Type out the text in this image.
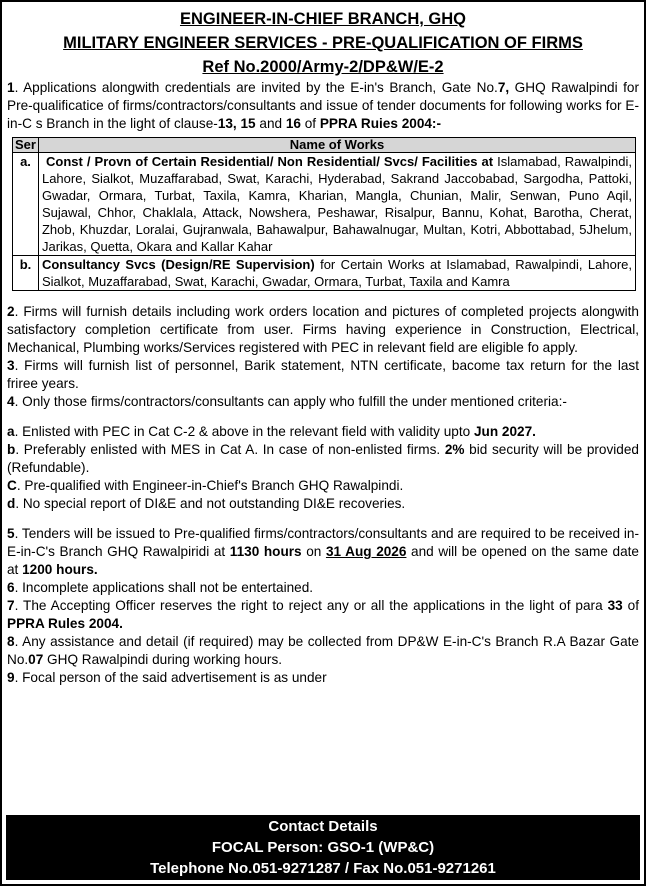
ENGINEER-IN-CHIEF BRANCH, GHQ
MILITARY ENGINEER SERVICES - PRE-QUALIFICATION OF FIRMS
Ref No.2000/Army-2/DP&W/E-2

1. Applications alongwith credentials are invited by the E-in's Branch, Gate No.7, GHQ Rawalpindi for Pre-qualificatice of firms/contractors/consultants and issue of tender documents for following works for E-in-C s Branch in the light of clause-13, 15 and 16 of PPRA Ruies 2004:-

Ser	Name of Works
a.	Const / Provn of Certain Residential/ Non Residential/ Svcs/ Facilities at Islamabad, Rawalpindi, Lahore, Sialkot, Muzaffarabad, Swat, Karachi, Hyderabad, Sakrand Jaccobabad, Sargodha, Pattoki, Gwadar, Ormara, Turbat, Taxila, Kamra, Kharian, Mangla, Chunian, Malir, Senwan, Puno Aqil, Sujawal, Chhor, Chaklala, Attack, Nowshera, Peshawar, Risalpur, Bannu, Kohat, Barotha, Cherat, Zhob, Khuzdar, Loralai, Gujranwala, Bahawalpur, Bahawalnugar, Multan, Kotri, Abbottabad, 5Jhelum, Jarikas, Quetta, Okara and Kallar Kahar
b.	Consultancy Svcs (Design/RE Supervision) for Certain Works at Islamabad, Rawalpindi, Lahore, Sialkot, Muzaffarabad, Swat, Karachi, Gwadar, Ormara, Turbat, Taxila and Kamra

2. Firms will furnish details including work orders location and pictures of completed projects alongwith satisfactory completion certificate from user. Firms having experience in Construction, Electrical, Mechanical, Plumbing works/Services registered with PEC in relevant field are eligible fo apply.

3. Firms will furnish list of personnel, Barik statement, NTN certificate, bacome tax return for the last friree years.

4. Only those firms/contractors/consultants can apply who fulfill the under mentioned criteria:-

a. Enlisted with PEC in Cat C-2 & above in the relevant field with validity upto Jun 2027.

b. Preferably enlisted with MES in Cat A. In case of non-enlisted firms. 2% bid security will be provided (Refundable).

C. Pre-qualified with Engineer-in-Chief's Branch GHQ Rawalpindi.

d. No special report of DI&E and not outstanding DI&E recoveries.

5. Tenders will be issued to Pre-qualified firms/contractors/consultants and are required to be received in-E-in-C's Branch GHQ Rawalpiridi at 1130 hours on 31 Aug 2026 and will be opened on the same date at 1200 hours.

6. Incomplete applications shall not be entertained.

7. The Accepting Officer reserves the right to reject any or all the applications in the light of para 33 of PPRA Rules 2004.

8. Any assistance and detail (if required) may be collected from DP&W E-in-C's Branch R.A Bazar Gate No.07 GHQ Rawalpindi during working hours.

9. Focal person of the said advertisement is as under

Contact Details
FOCAL Person: GSO-1 (WP&C)
Telephone No.051-9271287 / Fax No.051-9271261
